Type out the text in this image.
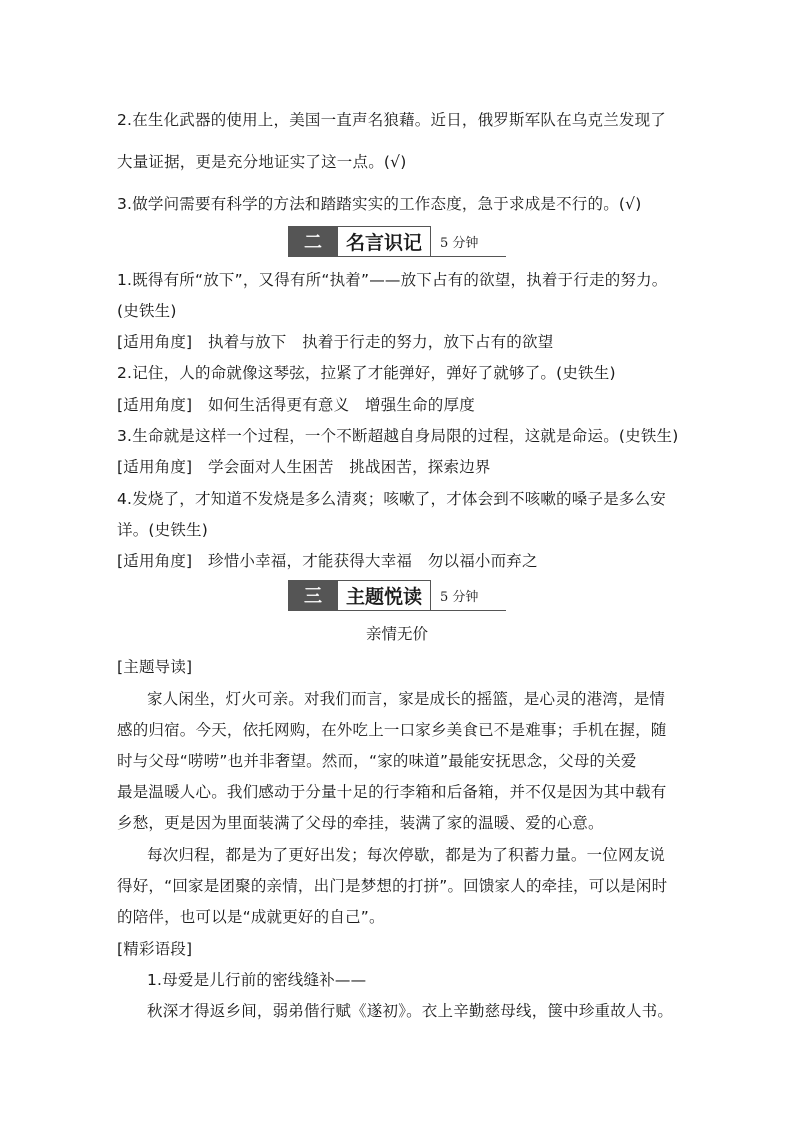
2.在生化武器的使用上，美国一直声名狼藉。近日，俄罗斯军队在乌克兰发现了
大量证据，更是充分地证实了这一点。(√)
3.做学问需要有科学的方法和踏踏实实的工作态度，急于求成是不行的。(√)
二	名言识记	5 分钟
1.既得有所“放下”，又得有所“执着”——放下占有的欲望，执着于行走的努力。
(史铁生)
[适用角度]　执着与放下　执着于行走的努力，放下占有的欲望
2.记住，人的命就像这琴弦，拉紧了才能弹好，弹好了就够了。(史铁生)
[适用角度]　如何生活得更有意义　增强生命的厚度
3.生命就是这样一个过程，一个不断超越自身局限的过程，这就是命运。(史铁生)
[适用角度]　学会面对人生困苦　挑战困苦，探索边界
4.发烧了，才知道不发烧是多么清爽；咳嗽了，才体会到不咳嗽的嗓子是多么安
详。(史铁生)
[适用角度]　珍惜小幸福，才能获得大幸福　勿以福小而弃之
三	主题悦读	5 分钟
亲情无价
[主题导读]
家人闲坐，灯火可亲。对我们而言，家是成长的摇篮，是心灵的港湾，是情
感的归宿。今天，依托网购，在外吃上一口家乡美食已不是难事；手机在握，随
时与父母“唠唠”也并非奢望。然而，“家的味道”最能安抚思念，父母的关爱
最是温暖人心。我们感动于分量十足的行李箱和后备箱，并不仅是因为其中载有
乡愁，更是因为里面装满了父母的牵挂，装满了家的温暖、爱的心意。
每次归程，都是为了更好出发；每次停歇，都是为了积蓄力量。一位网友说
得好，“回家是团聚的亲情，出门是梦想的打拼”。回馈家人的牵挂，可以是闲时
的陪伴，也可以是“成就更好的自己”。
[精彩语段]
1.母爱是儿行前的密线缝补——
秋深才得返乡间，弱弟偕行赋《遂初》。衣上辛勤慈母线，箧中珍重故人书。
